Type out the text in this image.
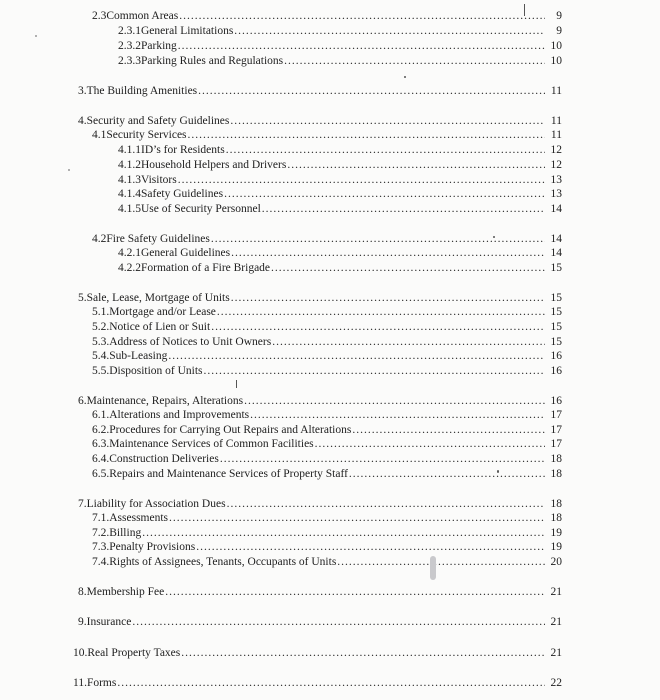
2.3 Common Areas .....	9
2.3.1 General Limitations .....	9
2.3.2 Parking .....	10
2.3.3 Parking Rules and Regulations .....	10
3. The Building Amenities .....	11
4. Security and Safety Guidelines .....	11
4.1 Security Services .....	11
4.1.1 ID’s for Residents .....	12
4.1.2 Household Helpers and Drivers .....	12
4.1.3 Visitors .....	13
4.1.4 Safety Guidelines .....	13
4.1.5 Use of Security Personnel .....	14
4.2 Fire Safety Guidelines .....	14
4.2.1 General Guidelines .....	14
4.2.2 Formation of a Fire Brigade .....	15
5. Sale, Lease, Mortgage of Units .....	15
5.1. Mortgage and/or Lease .....	15
5.2. Notice of Lien or Suit .....	15
5.3. Address of Notices to Unit Owners .....	15
5.4. Sub-Leasing .....	16
5.5. Disposition of Units .....	16
6. Maintenance, Repairs, Alterations .....	16
6.1. Alterations and Improvements .....	17
6.2. Procedures for Carrying Out Repairs and Alterations .....	17
6.3. Maintenance Services of Common Facilities .....	17
6.4. Construction Deliveries .....	18
6.5. Repairs and Maintenance Services of Property Staff .....	18
7. Liability for Association Dues .....	18
7.1. Assessments .....	18
7.2. Billing .....	19
7.3. Penalty Provisions .....	19
7.4. Rights of Assignees, Tenants, Occupants of Units .....	20
8. Membership Fee .....	21
9. Insurance .....	21
10. Real Property Taxes .....	21
11. Forms .....	22
